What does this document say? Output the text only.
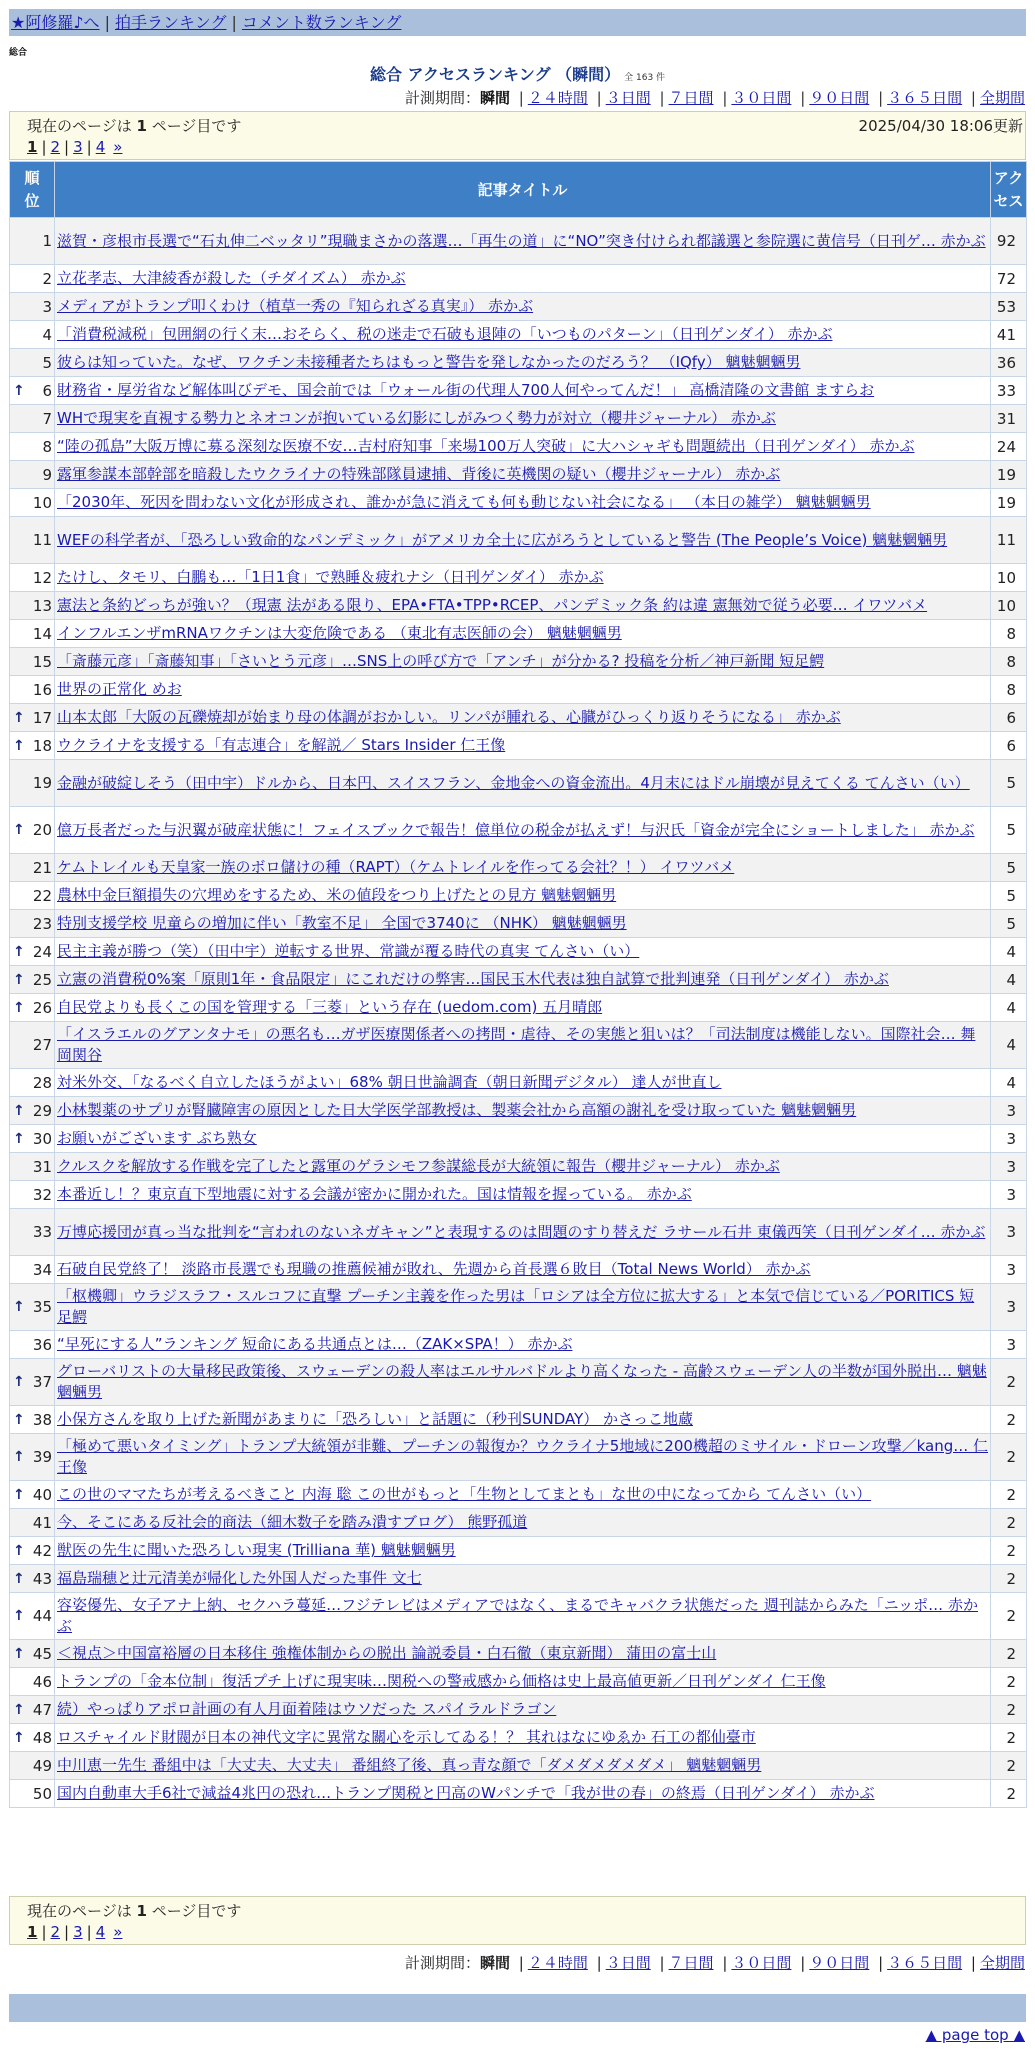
★阿修羅♪へ | 拍手ランキング | コメント数ランキング
総合
総合 アクセスランキング （瞬間） 全 163 件
計測期間：瞬間 | ２４時間 | ３日間 | ７日間 | ３０日間 | ９０日間 | ３６５日間 | 全期間
現在のページは 1 ページ目です	2025/04/30 18:06更新
1 | 2 | 3 | 4 »
順位	記事タイトル	アクセス
1	滋賀・彦根市長選で“石丸伸二ベッタリ”現職まさかの落選…「再生の道」に“NO”突き付けられ都議選と参院選に黄信号（日刊ゲ… 赤かぶ	92
2	立花孝志、大津綾香が殺した（チダイズム） 赤かぶ	72
3	メディアがトランプ叩くわけ（植草一秀の『知られざる真実』） 赤かぶ	53
4	「消費税減税」包囲網の行く末…おそらく、税の迷走で石破も退陣の「いつものパターン」（日刊ゲンダイ） 赤かぶ	41
5	彼らは知っていた。なぜ、ワクチン未接種者たちはもっと警告を発しなかったのだろう？ （IQfy） 魑魅魍魎男	36

↑ 6	財務省・厚労省など解体叫びデモ、国会前では「ウォール街の代理人700人何やってんだ！」 高橋清隆の文書館 ますらお	33
7	WHで現実を直視する勢力とネオコンが抱いている幻影にしがみつく勢力が対立（櫻井ジャーナル） 赤かぶ	31
8	“陸の孤島”大阪万博に募る深刻な医療不安…吉村府知事「来場100万人突破」に大ハシャギも問題続出（日刊ゲンダイ） 赤かぶ	24
9	露軍参謀本部幹部を暗殺したウクライナの特殊部隊員逮捕、背後に英機関の疑い（櫻井ジャーナル） 赤かぶ	19
10	「2030年、死因を問わない文化が形成され、誰かが急に消えても何も動じない社会になる」 （本日の雑学） 魑魅魍魎男	19
11	WEFの科学者が、「恐ろしい致命的なパンデミック」がアメリカ全土に広がろうとしていると警告 (The People’s Voice) 魑魅魍魎男	11
12	たけし、タモリ、白鵬も…「1日1食」で熟睡＆疲れナシ（日刊ゲンダイ） 赤かぶ	10
13	憲法と条約どっちが強い？（現憲 法がある限り、EPA•FTA•TPP•RCEP、パンデミック条 約は違 憲無効で従う必要… イワツバメ	10
14	インフルエンザmRNAワクチンは大変危険である （東北有志医師の会） 魑魅魍魎男	8
15	「斎藤元彦」「斎藤知事」「さいとう元彦」…SNS上の呼び方で「アンチ」が分かる? 投稿を分析／神戸新聞 短足鰐	8
16	世界の正常化 めお	8

↑ 17	山本太郎「大阪の瓦礫焼却が始まり母の体調がおかしい。リンパが腫れる、心臓がひっくり返りそうになる」 赤かぶ	6

↑ 18	ウクライナを支援する「有志連合」を解説／ Stars Insider 仁王像	6
19	金融が破綻しそう（田中宇）ドルから、日本円、スイスフラン、金地金への資金流出。4月末にはドル崩壊が見えてくる てんさい（い）	5

↑ 20	億万長者だった与沢翼が破産状態に！フェイスブックで報告！億単位の税金が払えず！与沢氏「資金が完全にショートしました」 赤かぶ	5
21	ケムトレイルも天皇家一族のボロ儲けの種（RAPT）（ケムトレイルを作ってる会社？！） イワツバメ	5
22	農林中金巨額損失の穴埋めをするため、米の値段をつり上げたとの見方 魑魅魍魎男	5
23	特別支援学校 児童らの増加に伴い「教室不足」 全国で3740に （NHK） 魑魅魍魎男	5

↑ 24	民主主義が勝つ（笑）（田中宇）逆転する世界、常識が覆る時代の真実 てんさい（い）	4

↑ 25	立憲の消費税0%案「原則1年・食品限定」にこれだけの弊害…国民玉木代表は独自試算で批判連発（日刊ゲンダイ） 赤かぶ	4

↑ 26	自民党よりも長くこの国を管理する「三菱」という存在 (uedom.com) 五月晴郎	4
27	「イスラエルのグアンタナモ」の悪名も…ガザ医療関係者への拷問・虐待、その実態と狙いは？「司法制度は機能しない。国際社会… 舞岡関谷	4
28	対米外交、「なるべく自立したほうがよい」68% 朝日世論調査（朝日新聞デジタル） 達人が世直し	4

↑ 29	小林製薬のサプリが腎臓障害の原因とした日大学医学部教授は、製薬会社から高額の謝礼を受け取っていた 魑魅魍魎男	3

↑ 30	お願いがございます ぶち熟女	3
31	クルスクを解放する作戦を完了したと露軍のゲラシモフ参謀総長が大統領に報告（櫻井ジャーナル） 赤かぶ	3
32	本番近し！？東京直下型地震に対する会議が密かに開かれた。国は情報を握っている。 赤かぶ	3
33	万博応援団が真っ当な批判を“言われのないネガキャン”と表現するのは問題のすり替えだ ラサール石井 東儀西笑（日刊ゲンダイ… 赤かぶ	3
34	石破自民党終了！ 淡路市長選でも現職の推薦候補が敗れ、先週から首長選６敗目（Total News World） 赤かぶ	3

↑ 35	「枢機卿」ウラジスラフ・スルコフに直撃 プーチン主義を作った男は「ロシアは全方位に拡大する」と本気で信じている／PORITICS 短足鰐	3
36	“早死にする人”ランキング 短命にある共通点とは…（ZAK×SPA！） 赤かぶ	3

↑ 37	グローバリストの大量移民政策後、スウェーデンの殺人率はエルサルバドルより高くなった - 高齢スウェーデン人の半数が国外脱出… 魑魅魍魎男	2

↑ 38	小保方さんを取り上げた新聞があまりに「恐ろしい」と話題に（秒刊SUNDAY） かさっこ地蔵	2

↑ 39	「極めて悪いタイミング」トランプ大統領が非難、プーチンの報復か？ウクライナ5地域に200機超のミサイル・ドローン攻撃／kang… 仁王像	2

↑ 40	この世のママたちが考えるべきこと 内海 聡 この世がもっと「生物としてまとも」な世の中になってから てんさい（い）	2
41	今、そこにある反社会的商法（細木数子を踏み潰すブログ） 熊野孤道	2

↑ 42	獣医の先生に聞いた恐ろしい現実 (Trilliana 華) 魑魅魍魎男	2

↑ 43	福島瑞穂と辻元清美が帰化した外国人だった事件 文七	2

↑ 44	容姿優先、女子アナ上納、セクハラ蔓延…フジテレビはメディアではなく、まるでキャバクラ状態だった 週刊誌からみた「ニッポ… 赤かぶ	2

↑ 45	＜視点＞中国富裕層の日本移住 強権体制からの脱出 論説委員・白石徹（東京新聞） 蒲田の富士山	2
46	トランプの「金本位制」復活プチ上げに現実味…関税への警戒感から価格は史上最高値更新／日刊ゲンダイ 仁王像	2

↑ 47	続）やっぱりアポロ計画の有人月面着陸はウソだった スパイラルドラゴン	2

↑ 48	ロスチャイルド財閥が日本の神代文字に異常な關心を示してゐる！？ 其れはなにゆゑか 石工の都仙臺市	2
49	中川恵一先生 番組中は「大丈夫、大丈夫」 番組終了後、真っ青な顔で「ダメダメダメダメ」 魑魅魍魎男	2
50	国内自動車大手6社で減益4兆円の恐れ…トランプ関税と円高のWパンチで「我が世の春」の終焉（日刊ゲンダイ） 赤かぶ	2
現在のページは 1 ページ目です
1 | 2 | 3 | 4 »
計測期間：瞬間 | ２４時間 | ３日間 | ７日間 | ３０日間 | ９０日間 | ３６５日間 | 全期間
▲ page top ▲
